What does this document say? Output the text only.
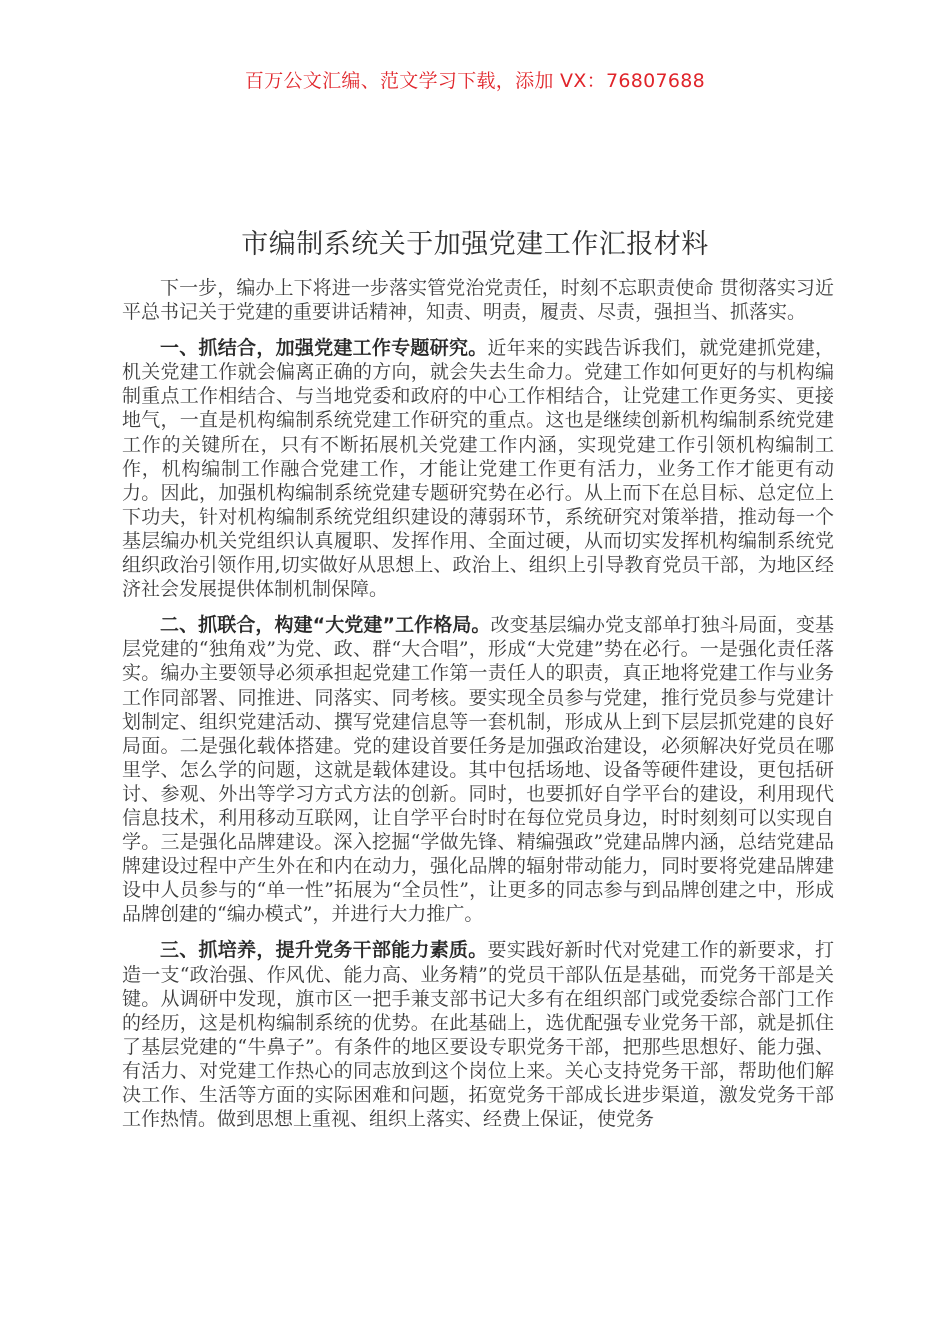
百万公文汇编、范文学习下载，添加 VX：76807688
市编制系统关于加强党建工作汇报材料

下一步，编办上下将进一步落实管党治党责任，时刻不忘职责使命 贯彻落实习近平总书记关于党建的重要讲话精神，知责、明责，履责、尽责，强担当、抓落实。

一、抓结合，加强党建工作专题研究。近年来的实践告诉我们，就党建抓党建，机关党建工作就会偏离正确的方向，就会失去生命力。党建工作如何更好的与机构编制重点工作相结合、与当地党委和政府的中心工作相结合，让党建工作更务实、更接地气，一直是机构编制系统党建工作研究的重点。这也是继续创新机构编制系统党建工作的关键所在，只有不断拓展机关党建工作内涵，实现党建工作引领机构编制工作，机构编制工作融合党建工作，才能让党建工作更有活力，业务工作才能更有动力。因此，加强机构编制系统党建专题研究势在必行。从上而下在总目标、总定位上下功夫，针对机构编制系统党组织建设的薄弱环节，系统研究对策举措，推动每一个基层编办机关党组织认真履职、发挥作用、全面过硬，从而切实发挥机构编制系统党组织政治引领作用,切实做好从思想上、政治上、组织上引导教育党员干部，为地区经济社会发展提供体制机制保障。

二、抓联合，构建“大党建”工作格局。改变基层编办党支部单打独斗局面，变基层党建的“独角戏”为党、政、群“大合唱”，形成“大党建”势在必行。一是强化责任落实。编办主要领导必须承担起党建工作第一责任人的职责，真正地将党建工作与业务工作同部署、同推进、同落实、同考核。要实现全员参与党建，推行党员参与党建计划制定、组织党建活动、撰写党建信息等一套机制，形成从上到下层层抓党建的良好局面。二是强化载体搭建。党的建设首要任务是加强政治建设，必须解决好党员在哪里学、怎么学的问题，这就是载体建设。其中包括场地、设备等硬件建设，更包括研讨、参观、外出等学习方式方法的创新。同时，也要抓好自学平台的建设，利用现代信息技术，利用移动互联网，让自学平台时时在每位党员身边，时时刻刻可以实现自学。三是强化品牌建设。深入挖掘“学做先锋、精编强政”党建品牌内涵，总结党建品牌建设过程中产生外在和内在动力，强化品牌的辐射带动能力，同时要将党建品牌建设中人员参与的“单一性”拓展为“全员性”，让更多的同志参与到品牌创建之中，形成品牌创建的“编办模式”，并进行大力推广。

三、抓培养，提升党务干部能力素质。要实践好新时代对党建工作的新要求，打造一支“政治强、作风优、能力高、业务精”的党员干部队伍是基础，而党务干部是关键。从调研中发现，旗市区一把手兼支部书记大多有在组织部门或党委综合部门工作的经历，这是机构编制系统的优势。在此基础上，选优配强专业党务干部，就是抓住了基层党建的“牛鼻子”。有条件的地区要设专职党务干部，把那些思想好、能力强、有活力、对党建工作热心的同志放到这个岗位上来。关心支持党务干部，帮助他们解决工作、生活等方面的实际困难和问题，拓宽党务干部成长进步渠道，激发党务干部工作热情。做到思想上重视、组织上落实、经费上保证，使党务
